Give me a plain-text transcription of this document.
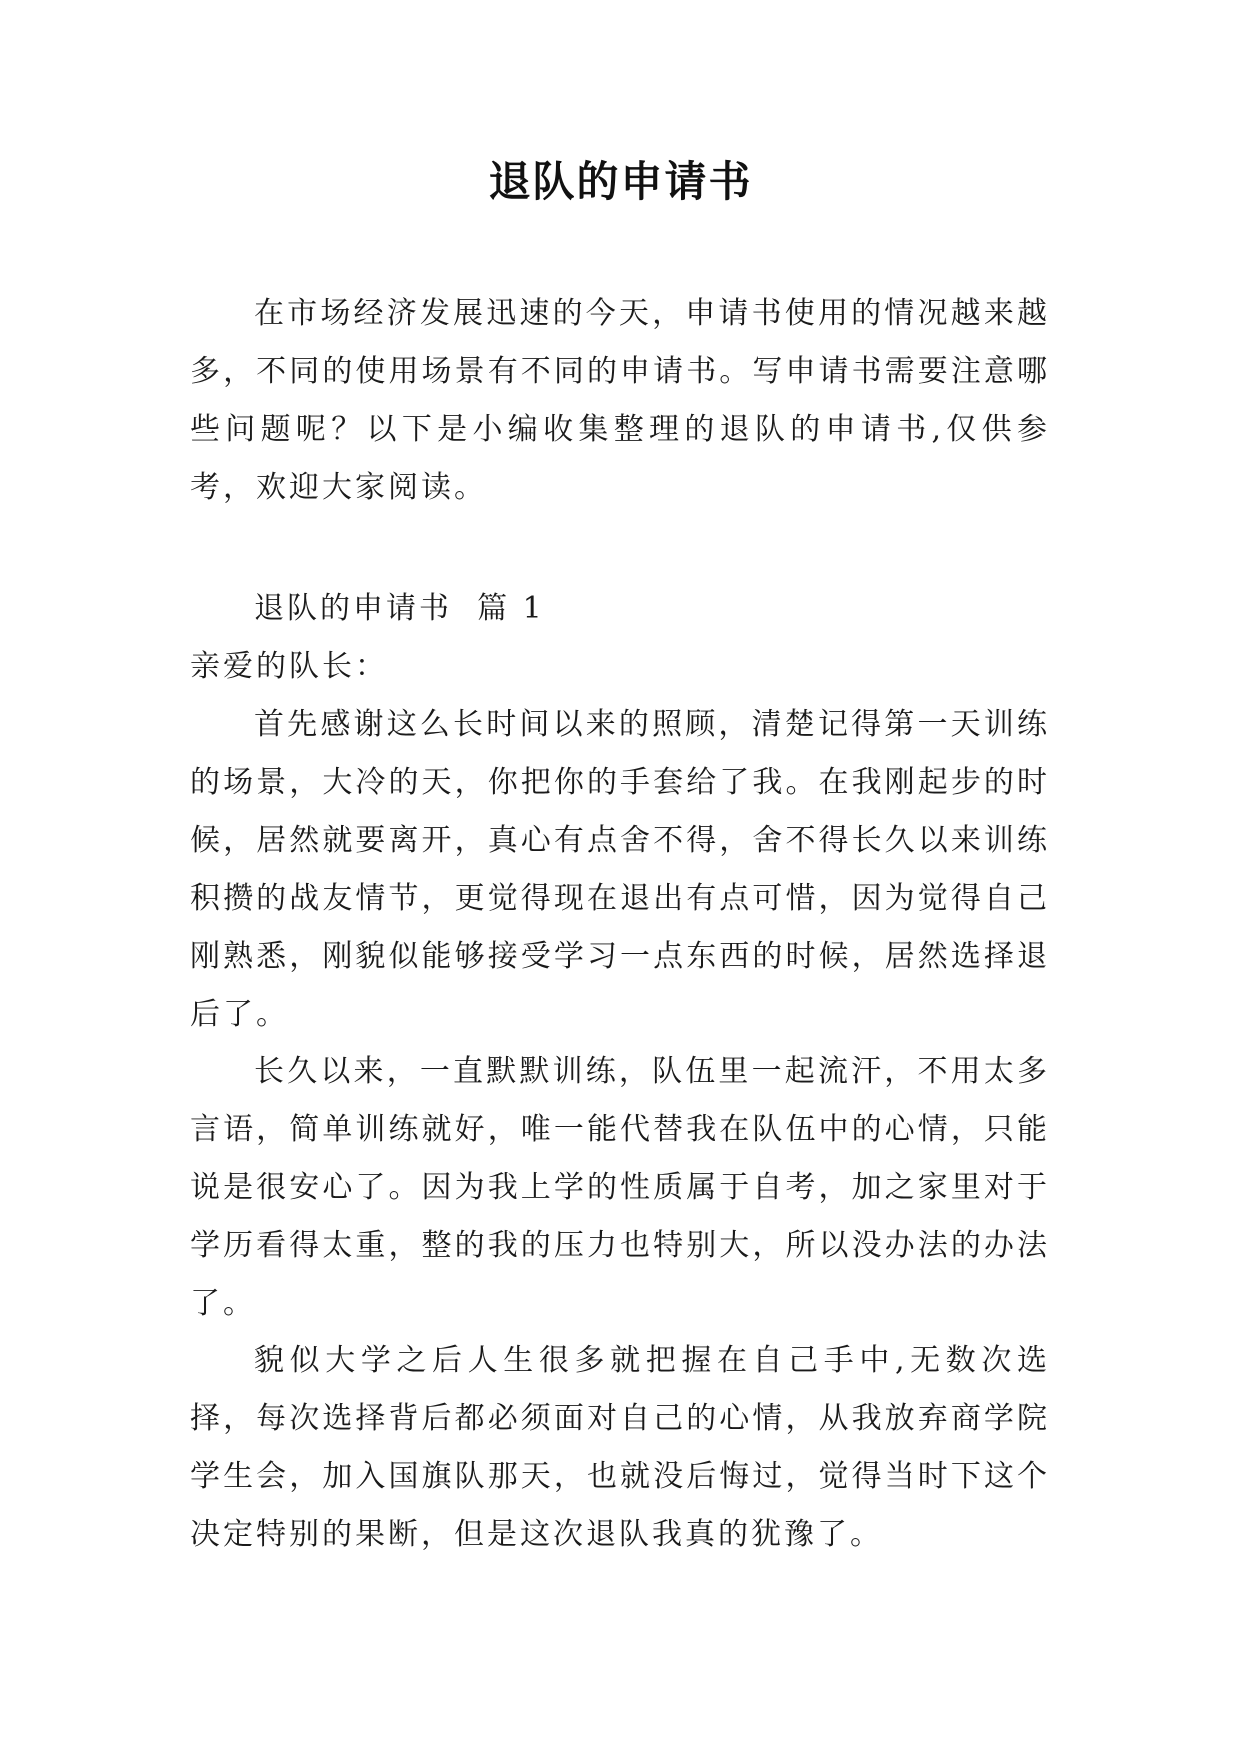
退队的申请书

在市场经济发展迅速的今天，申请书使用的情况越来越多，不同的使用场景有不同的申请书。写申请书需要注意哪些问题呢？以下是小编收集整理的退队的申请书,仅供参考，欢迎大家阅读。

退队的申请书  篇 1

亲爱的队长：

首先感谢这么长时间以来的照顾，清楚记得第一天训练的场景，大冷的天，你把你的手套给了我。在我刚起步的时候，居然就要离开，真心有点舍不得，舍不得长久以来训练积攒的战友情节，更觉得现在退出有点可惜，因为觉得自己刚熟悉，刚貌似能够接受学习一点东西的时候，居然选择退后了。

长久以来，一直默默训练，队伍里一起流汗，不用太多言语，简单训练就好，唯一能代替我在队伍中的心情，只能说是很安心了。因为我上学的性质属于自考，加之家里对于学历看得太重，整的我的压力也特别大，所以没办法的办法了。

貌似大学之后人生很多就把握在自己手中,无数次选择，每次选择背后都必须面对自己的心情，从我放弃商学院学生会，加入国旗队那天，也就没后悔过，觉得当时下这个决定特别的果断，但是这次退队我真的犹豫了。
